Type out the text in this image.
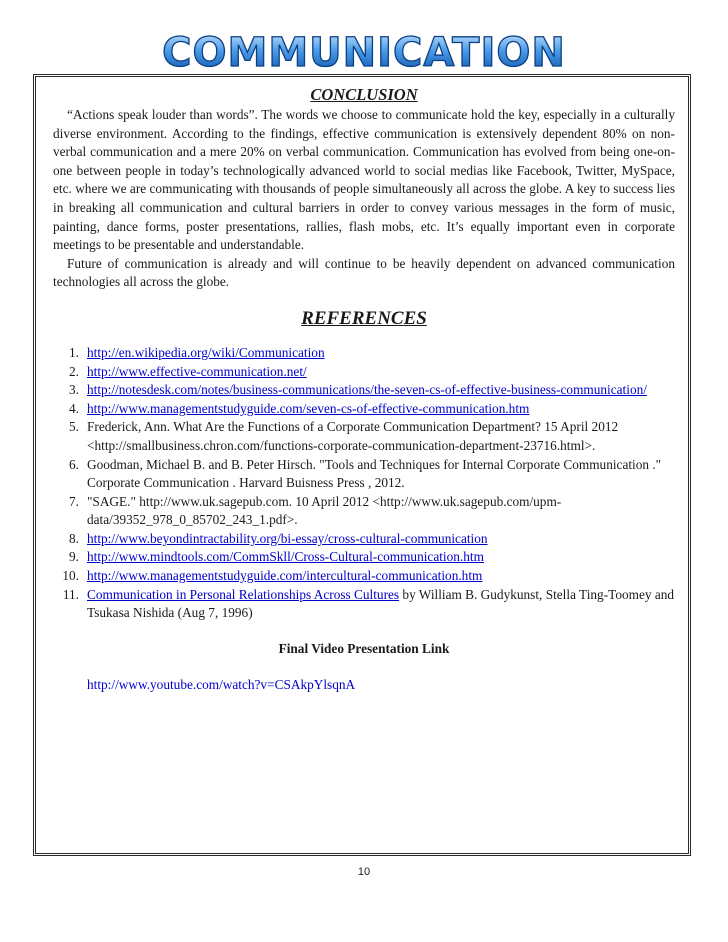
COMMUNICATION
CONCLUSION

“Actions speak louder than words”. The words we choose to communicate hold the key, especially in a culturally diverse environment. According to the findings, effective communication is extensively dependent 80% on non-verbal communication and a mere 20% on verbal communication. Communication has evolved from being one-on-one between people in today’s technologically advanced world to social medias like Facebook, Twitter, MySpace, etc. where we are communicating with thousands of people simultaneously all across the globe. A key to success lies in breaking all communication and cultural barriers in order to convey various messages in the form of music, painting, dance forms, poster presentations, rallies, flash mobs, etc. It’s equally important even in corporate meetings to be presentable and understandable.

Future of communication is already and will continue to be heavily dependent on advanced communication technologies all across the globe.

REFERENCES
1. http://en.wikipedia.org/wiki/Communication
2. http://www.effective-communication.net/
3. http://notesdesk.com/notes/business-communications/the-seven-cs-of-effective-business-communication/
4. http://www.managementstudyguide.com/seven-cs-of-effective-communication.htm
5. Frederick, Ann. What Are the Functions of a Corporate Communication Department? 15 April 2012 <http://smallbusiness.chron.com/functions-corporate-communication-department-23716.html>.
6. Goodman, Michael B. and B. Peter Hirsch. "Tools and Techniques for Internal Corporate Communication ." Corporate Communication . Harvard Buisness Press , 2012.
7. "SAGE." http://www.uk.sagepub.com. 10 April 2012 <http://www.uk.sagepub.com/upm-data/39352_978_0_85702_243_1.pdf>.
8. http://www.beyondintractability.org/bi-essay/cross-cultural-communication
9. http://www.mindtools.com/CommSkll/Cross-Cultural-communication.htm
10. http://www.managementstudyguide.com/intercultural-communication.htm
11. Communication in Personal Relationships Across Cultures by William B. Gudykunst, Stella Ting-Toomey and Tsukasa Nishida (Aug 7, 1996)
Final Video Presentation Link
http://www.youtube.com/watch?v=CSAkpYlsqnA
10
